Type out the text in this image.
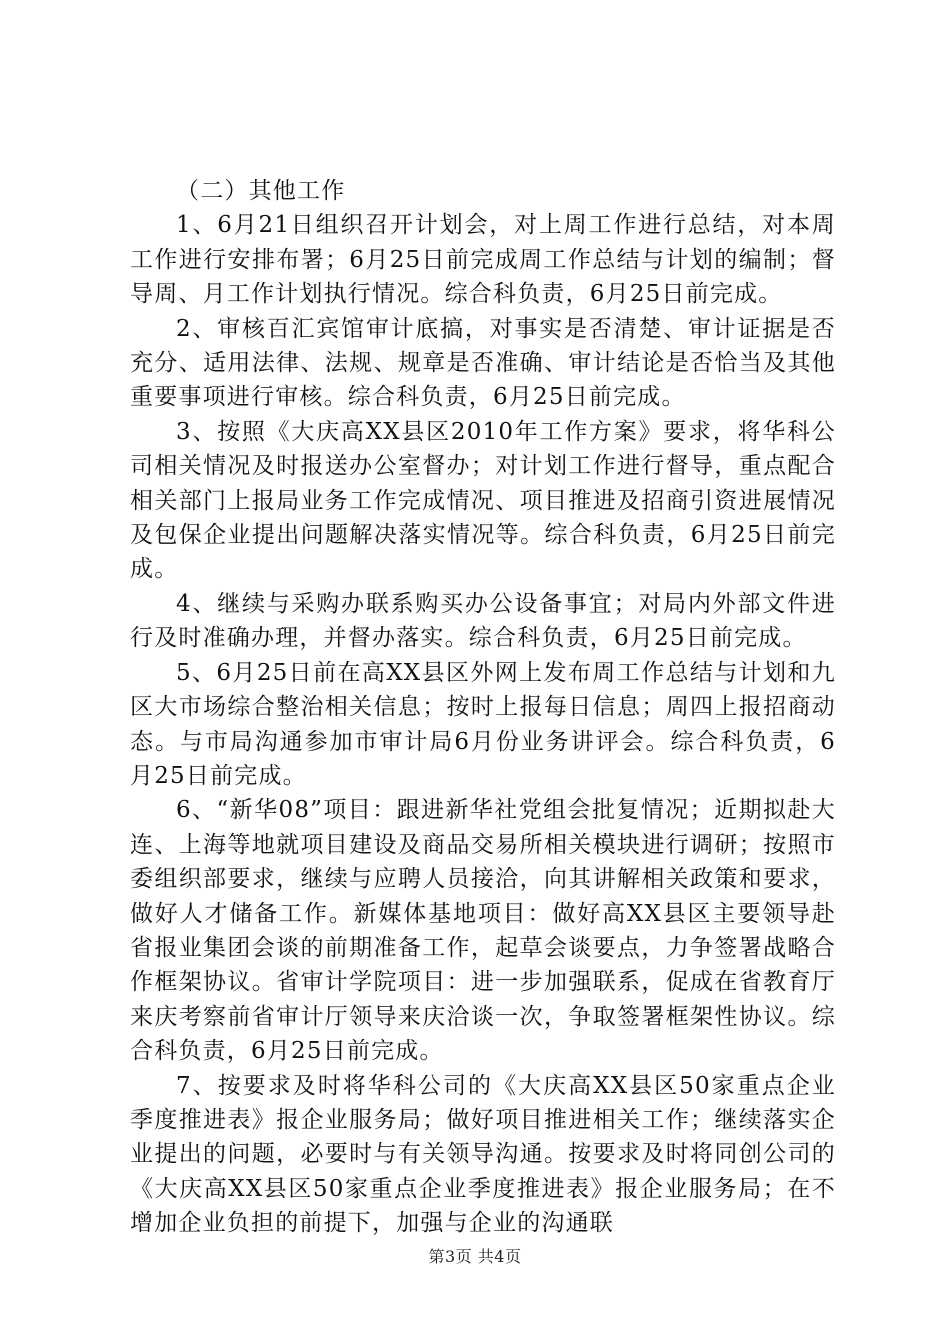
（二）其他工作

1、6月21日组织召开计划会，对上周工作进行总结，对本周工作进行安排布署；6月25日前完成周工作总结与计划的编制；督导周、月工作计划执行情况。综合科负责，6月25日前完成。

2、审核百汇宾馆审计底搞，对事实是否清楚、审计证据是否充分、适用法律、法规、规章是否准确、审计结论是否恰当及其他重要事项进行审核。综合科负责，6月25日前完成。

3、按照《大庆高XX县区2010年工作方案》要求，将华科公司相关情况及时报送办公室督办；对计划工作进行督导，重点配合相关部门上报局业务工作完成情况、项目推进及招商引资进展情况及包保企业提出问题解决落实情况等。综合科负责，6月25日前完成。

4、继续与采购办联系购买办公设备事宜；对局内外部文件进行及时准确办理，并督办落实。综合科负责，6月25日前完成。

5、6月25日前在高XX县区外网上发布周工作总结与计划和九区大市场综合整治相关信息；按时上报每日信息；周四上报招商动态。与市局沟通参加市审计局6月份业务讲评会。综合科负责，6月25日前完成。

6、“新华08”项目：跟进新华社党组会批复情况；近期拟赴大连、上海等地就项目建设及商品交易所相关模块进行调研；按照市委组织部要求，继续与应聘人员接洽，向其讲解相关政策和要求，做好人才储备工作。新媒体基地项目：做好高XX县区主要领导赴省报业集团会谈的前期准备工作，起草会谈要点，力争签署战略合作框架协议。省审计学院项目：进一步加强联系，促成在省教育厅来庆考察前省审计厅领导来庆洽谈一次，争取签署框架性协议。综合科负责，6月25日前完成。

7、按要求及时将华科公司的《大庆高XX县区50家重点企业季度推进表》报企业服务局；做好项目推进相关工作；继续落实企业提出的问题，必要时与有关领导沟通。按要求及时将同创公司的《大庆高XX县区50家重点企业季度推进表》报企业服务局；在不增加企业负担的前提下，加强与企业的沟通联

第3页 共4页
